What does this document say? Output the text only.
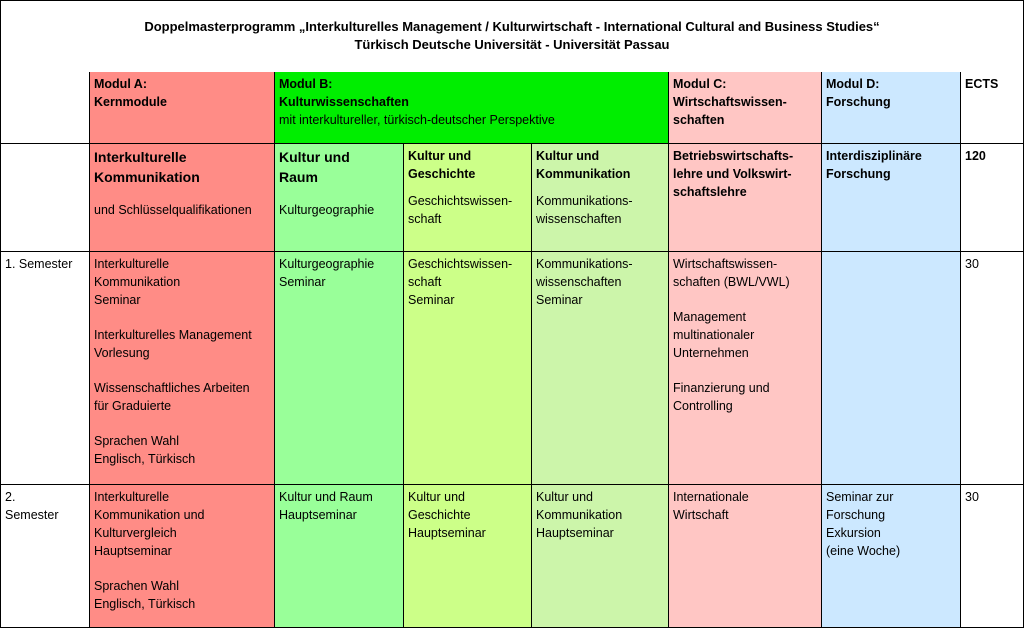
Doppelmasterprogramm „Interkulturelles Management / Kulturwirtschaft - International Cultural and Business Studies“
Türkisch Deutsche Universität - Universität Passau
Modul A:
Kernmodule
Modul B:
Kulturwissenschaften
mit interkultureller, türkisch-deutscher Perspektive
Modul C:
Wirtschaftswissen-
schaften
Modul D:
Forschung
ECTS
Interkulturelle
Kommunikation
und Schlüsselqualifikationen
Kultur und
Raum
Kulturgeographie
Kultur und
Geschichte
Geschichtswissen-
schaft
Kultur und
Kommunikation
Kommunikations-
wissenschaften
Betriebswirtschafts-
lehre und Volkswirt-
schaftslehre
Interdisziplinäre
Forschung
120
1. Semester	Interkulturelle
Kommunikation
Seminar
Interkulturelles Management
Vorlesung
Wissenschaftliches Arbeiten
für Graduierte
Sprachen Wahl
Englisch, Türkisch
Kulturgeographie
Seminar
Geschichtswissen-
schaft
Seminar
Kommunikations-
wissenschaften
Seminar
Wirtschaftswissen-
schaften (BWL/VWL)
Management
multinationaler
Unternehmen
Finanzierung und
Controlling
30
2.
Semester
Interkulturelle
Kommunikation und
Kulturvergleich
Hauptseminar
Sprachen Wahl
Englisch, Türkisch
Kultur und Raum
Hauptseminar
Kultur und
Geschichte
Hauptseminar
Kultur und
Kommunikation
Hauptseminar
Internationale
Wirtschaft
Seminar zur
Forschung
Exkursion
(eine Woche)
30
